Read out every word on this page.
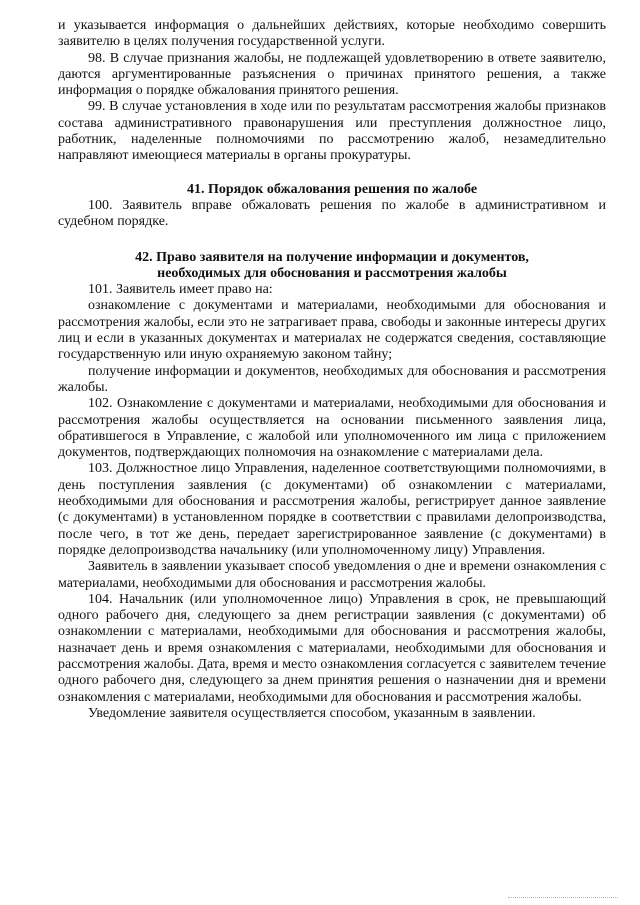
и указывается информация о дальнейших действиях, которые необходимо совершить заявителю в целях получения государственной услуги.

98. В случае признания жалобы, не подлежащей удовлетворению в ответе заявителю, даются аргументированные разъяснения о причинах принятого решения, а также информация о порядке обжалования принятого решения.

99. В случае установления в ходе или по результатам рассмотрения жалобы признаков состава административного правонарушения или преступления должностное лицо, работник, наделенные полномочиями по рассмотрению жалоб, незамедлительно направляют имеющиеся материалы в органы прокуратуры.

41. Порядок обжалования решения по жалобе

100. Заявитель вправе обжаловать решения по жалобе в административном и судебном порядке.

42. Право заявителя на получение информации и документов,
необходимых для обоснования и рассмотрения жалобы

101. Заявитель имеет право на:

ознакомление с документами и материалами, необходимыми для обоснования и рассмотрения жалобы, если это не затрагивает права, свободы и законные интересы других лиц и если в указанных документах и материалах не содержатся сведения, составляющие государственную или иную охраняемую законом тайну;

получение информации и документов, необходимых для обоснования и рассмотрения жалобы.

102. Ознакомление с документами и материалами, необходимыми для обоснования и рассмотрения жалобы осуществляется на основании письменного заявления лица, обратившегося в Управление, с жалобой или уполномоченного им лица с приложением документов, подтверждающих полномочия на ознакомление с материалами дела.

103. Должностное лицо Управления, наделенное соответствующими полномочиями, в день поступления заявления (с документами) об ознакомлении с материалами, необходимыми для обоснования и рассмотрения жалобы, регистрирует данное заявление (с документами) в установленном порядке в соответствии с правилами делопроизводства, после чего, в тот же день, передает зарегистрированное заявление (с документами) в порядке делопроизводства начальнику (или уполномоченному лицу) Управления.

Заявитель в заявлении указывает способ уведомления о дне и времени ознакомления с материалами, необходимыми для обоснования и рассмотрения жалобы.

104. Начальник (или уполномоченное лицо) Управления в срок, не превышающий одного рабочего дня, следующего за днем регистрации заявления (с документами) об ознакомлении с материалами, необходимыми для обоснования и рассмотрения жалобы, назначает день и время ознакомления с материалами, необходимыми для обоснования и рассмотрения жалобы. Дата, время и место ознакомления согласуется с заявителем течение одного рабочего дня, следующего за днем принятия решения о назначении дня и времени ознакомления с материалами, необходимыми для обоснования и рассмотрения жалобы.

Уведомление заявителя осуществляется способом, указанным в заявлении.
